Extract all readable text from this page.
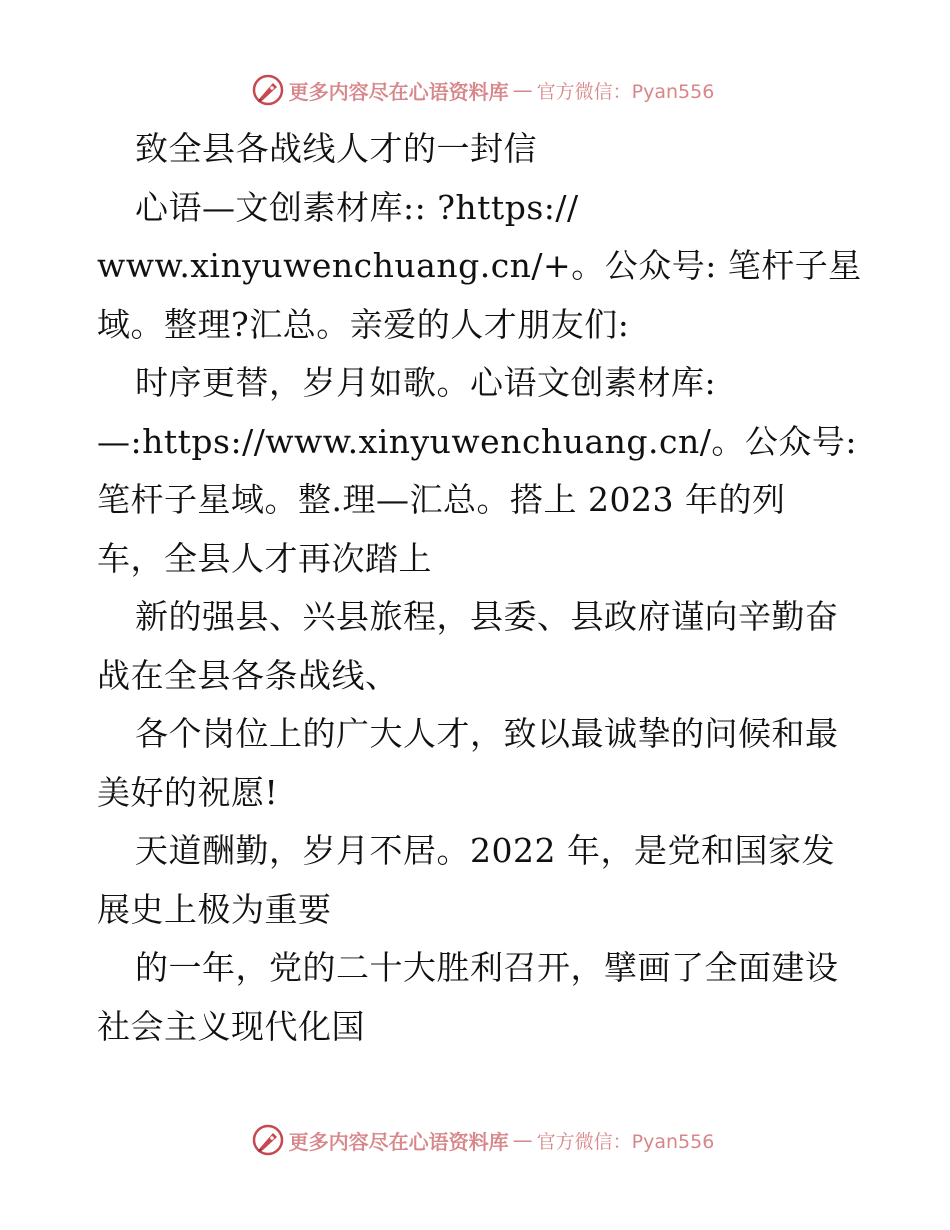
更多内容尽在心语资料库 — 官方微信：Pyan556
致全县各战线人才的一封信
心语—文创素材库:: ?https://
www.xinyuwenchuang.cn/+。公众号: 笔杆子星
域。整理?汇总。亲爱的人才朋友们:
时序更替，岁月如歌。心语文创素材库:
—:https://www.xinyuwenchuang.cn/。公众号:
笔杆子星域。整.理—汇总。搭上 2023 年的列
车，全县人才再次踏上
新的强县、兴县旅程，县委、县政府谨向辛勤奋
战在全县各条战线、
各个岗位上的广大人才，致以最诚挚的问候和最
美好的祝愿!
天道酬勤，岁月不居。2022 年，是党和国家发
展史上极为重要
的一年，党的二十大胜利召开，擘画了全面建设
社会主义现代化国
更多内容尽在心语资料库 — 官方微信：Pyan556
